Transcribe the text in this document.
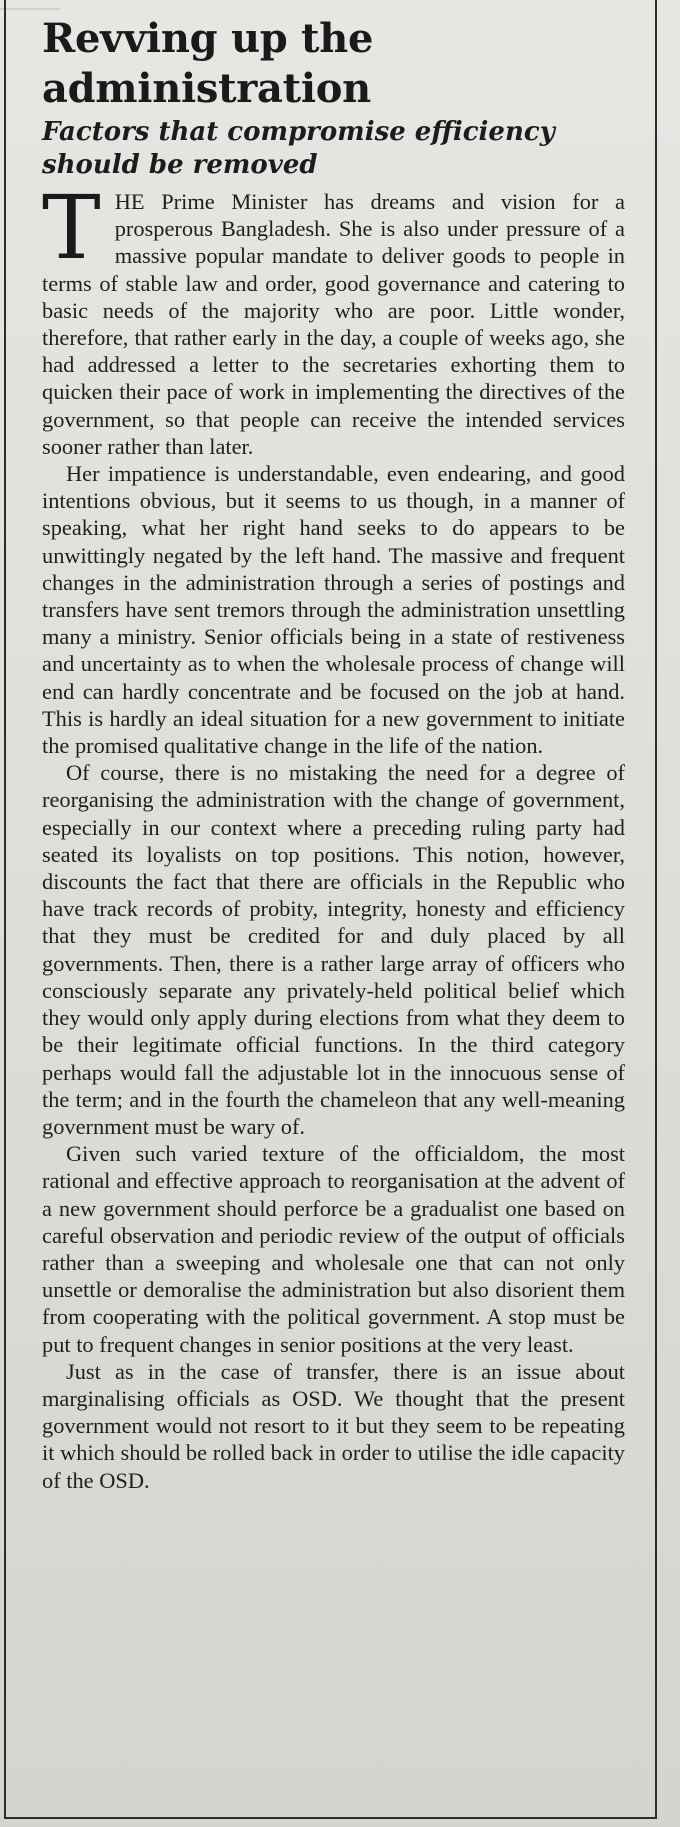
Revving up the administration
Factors that compromise efficiency should be removed

T HE Prime Minister has dreams and vision for a prosperous Bangladesh. She is also under pressure of a massive popular mandate to deliver goods to people in terms of stable law and order, good governance and catering to basic needs of the majority who are poor. Little wonder, therefore, that rather early in the day, a couple of weeks ago, she had addressed a letter to the secretaries exhorting them to quicken their pace of work in implementing the directives of the government, so that people can receive the intended services sooner rather than later.

Her impatience is understandable, even endearing, and good intentions obvious, but it seems to us though, in a manner of speaking, what her right hand seeks to do appears to be unwittingly negated by the left hand. The massive and frequent changes in the administration through a series of postings and transfers have sent tremors through the administration unsettling many a ministry. Senior officials being in a state of restiveness and uncertainty as to when the wholesale process of change will end can hardly concentrate and be focused on the job at hand. This is hardly an ideal situation for a new government to initiate the promised qualitative change in the life of the nation.

Of course, there is no mistaking the need for a degree of reorganising the administration with the change of government, especially in our context where a preceding ruling party had seated its loyalists on top positions. This notion, however, discounts the fact that there are officials in the Republic who have track records of probity, integrity, honesty and efficiency that they must be credited for and duly placed by all governments. Then, there is a rather large array of officers who consciously separate any privately-held political belief which they would only apply during elections from what they deem to be their legitimate official functions. In the third category perhaps would fall the adjustable lot in the innocuous sense of the term; and in the fourth the chameleon that any well-meaning government must be wary of.

Given such varied texture of the officialdom, the most rational and effective approach to reorganisation at the advent of a new government should perforce be a gradualist one based on careful observation and periodic review of the output of officials rather than a sweeping and wholesale one that can not only unsettle or demoralise the administration but also disorient them from cooperating with the political government. A stop must be put to frequent changes in senior positions at the very least.

Just as in the case of transfer, there is an issue about marginalising officials as OSD. We thought that the present government would not resort to it but they seem to be repeating it which should be rolled back in order to utilise the idle capacity of the OSD.
